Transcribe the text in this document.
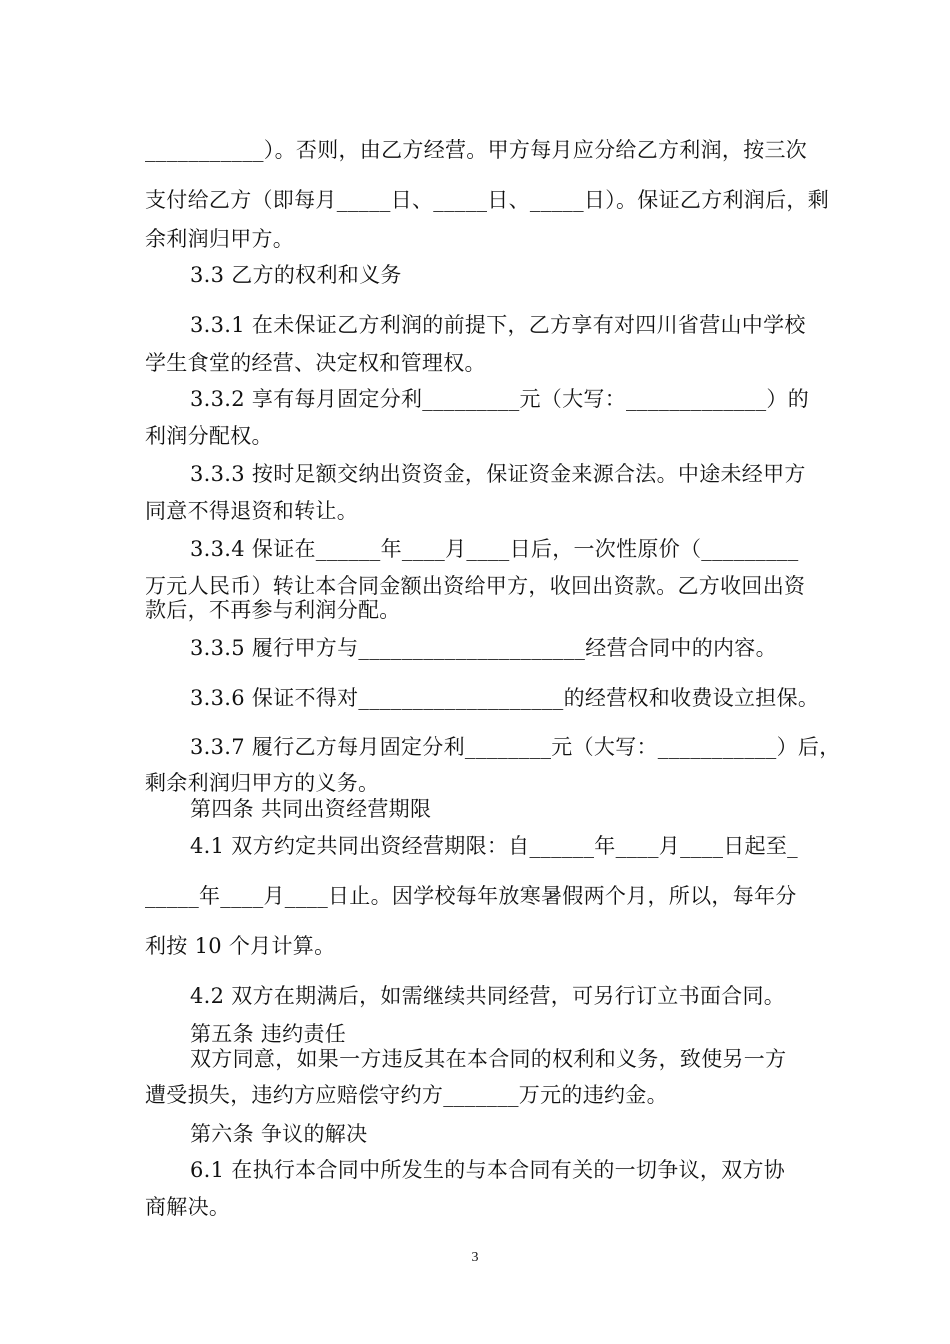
___________）。否则，由乙方经营。甲方每月应分给乙方利润，按三次
支付给乙方（即每月_____日、_____日、_____日）。保证乙方利润后，剩
余利润归甲方。
3.3 乙方的权利和义务
3.3.1 在未保证乙方利润的前提下，乙方享有对四川省营山中学校
学生食堂的经营、决定权和管理权。
3.3.2 享有每月固定分利_________元（大写：_____________）的
利润分配权。
3.3.3 按时足额交纳出资资金，保证资金来源合法。中途未经甲方
同意不得退资和转让。
3.3.4 保证在______年____月____日后，一次性原价（_________
万元人民币）转让本合同金额出资给甲方，收回出资款。乙方收回出资
款后，不再参与利润分配。
3.3.5 履行甲方与_____________________经营合同中的内容。
3.3.6 保证不得对___________________的经营权和收费设立担保。
3.3.7 履行乙方每月固定分利________元（大写：___________）后，
剩余利润归甲方的义务。
第四条 共同出资经营期限
4.1 双方约定共同出资经营期限：自______年____月____日起至_
_____年____月____日止。因学校每年放寒暑假两个月，所以，每年分
利按 10 个月计算。
4.2 双方在期满后，如需继续共同经营，可另行订立书面合同。
第五条 违约责任
双方同意，如果一方违反其在本合同的权利和义务，致使另一方
遭受损失，违约方应赔偿守约方_______万元的违约金。
第六条 争议的解决
6.1 在执行本合同中所发生的与本合同有关的一切争议，双方协
商解决。
3
